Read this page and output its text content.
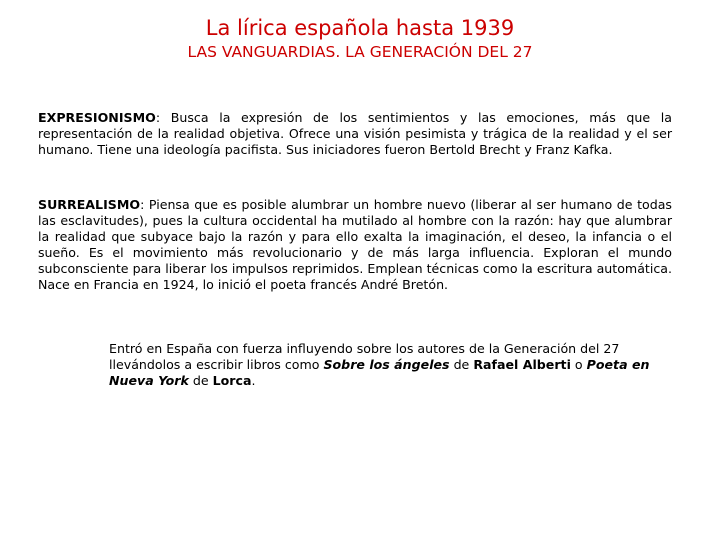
La lírica española hasta 1939
LAS VANGUARDIAS. LA GENERACIÓN DEL 27

EXPRESIONISMO: Busca la expresión de los sentimientos y las emociones, más que la representación de la realidad objetiva. Ofrece una visión pesimista y trágica de la realidad y el ser humano. Tiene una ideología pacifista. Sus iniciadores fueron Bertold Brecht y Franz Kafka.

SURREALISMO: Piensa que es posible alumbrar un hombre nuevo (liberar al ser humano de todas las esclavitudes), pues la cultura occidental ha mutilado al hombre con la razón: hay que alumbrar la realidad que subyace bajo la razón y para ello exalta la imaginación, el deseo, la infancia o el sueño. Es el movimiento más revolucionario y de más larga influencia. Exploran el mundo subconsciente para liberar los impulsos reprimidos. Emplean técnicas como la escritura automática. Nace en Francia en 1924, lo inició el poeta francés André Bretón.

Entró en España con fuerza influyendo sobre los autores de la Generación del 27 llevándolos a escribir libros como Sobre los ángeles de Rafael Alberti o Poeta en Nueva York de Lorca.
